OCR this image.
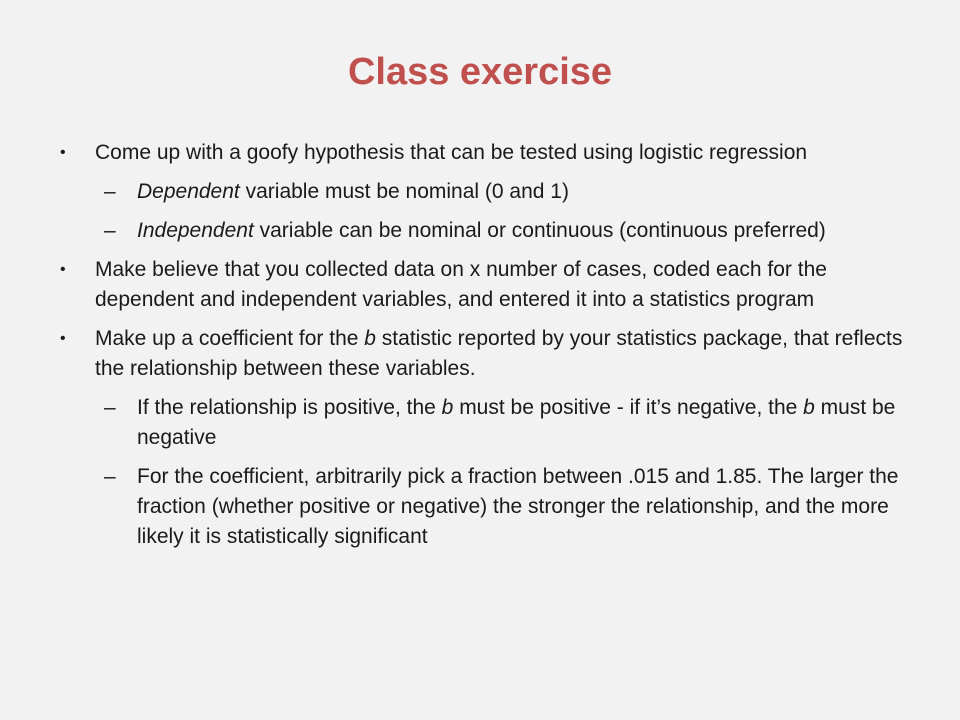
Class exercise
•	Come up with a goofy hypothesis that can be tested using logistic regression
– Dependent variable must be nominal (0 and 1)
– Independent variable can be nominal or continuous (continuous preferred)
•	Make believe that you collected data on x number of cases, coded each for the dependent and independent variables, and entered it into a statistics program
•	Make up a coefficient for the b statistic reported by your statistics package, that reflects the relationship between these variables.
– If the relationship is positive, the b must be positive - if it’s negative, the b must be negative
– For the coefficient, arbitrarily pick a fraction between .015 and 1.85. The larger the fraction (whether positive or negative) the stronger the relationship, and the more likely it is statistically significant
